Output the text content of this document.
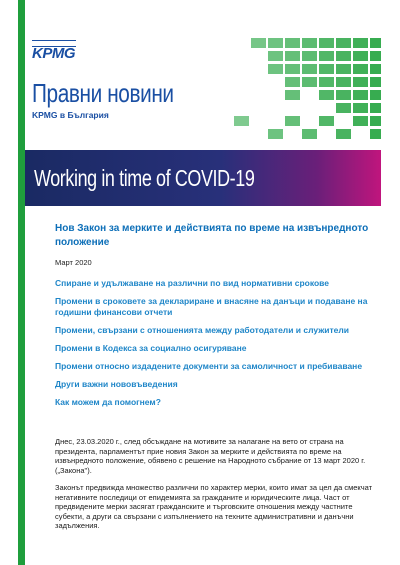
KPMG
Правни новини
KPMG в България
Working in time of COVID-19
Нов Закон за мерките и действията по време на извънредното положение
Март 2020
Спиране и удължаване на различни по вид нормативни срокове
Промени в сроковете за деклариране и внасяне на данъци и подаване на годишни финансови отчети
Промени, свързани с отношенията между работодатели и служители
Промени в Кодекса за социално осигуряване
Промени относно издадените документи за самоличност и пребиваване
Други важни нововъведения
Как можем да помогнем?

Днес, 23.03.2020 г., след обсъждане на мотивите за налагане на вето от страна на президента, парламентът прие новия Закон за мерките и действията по време на извънредното положение, обявено с решение на Народното събрание от 13 март 2020 г. („Закона").

Законът предвижда множество различни по характер мерки, които имат за цел да смекчат негативните последици от епидемията за гражданите и юридическите лица. Част от предвидените мерки засягат гражданските и търговските отношения между частните субекти, а други са свързани с изпълнението на техните административни и данъчни задължения.
